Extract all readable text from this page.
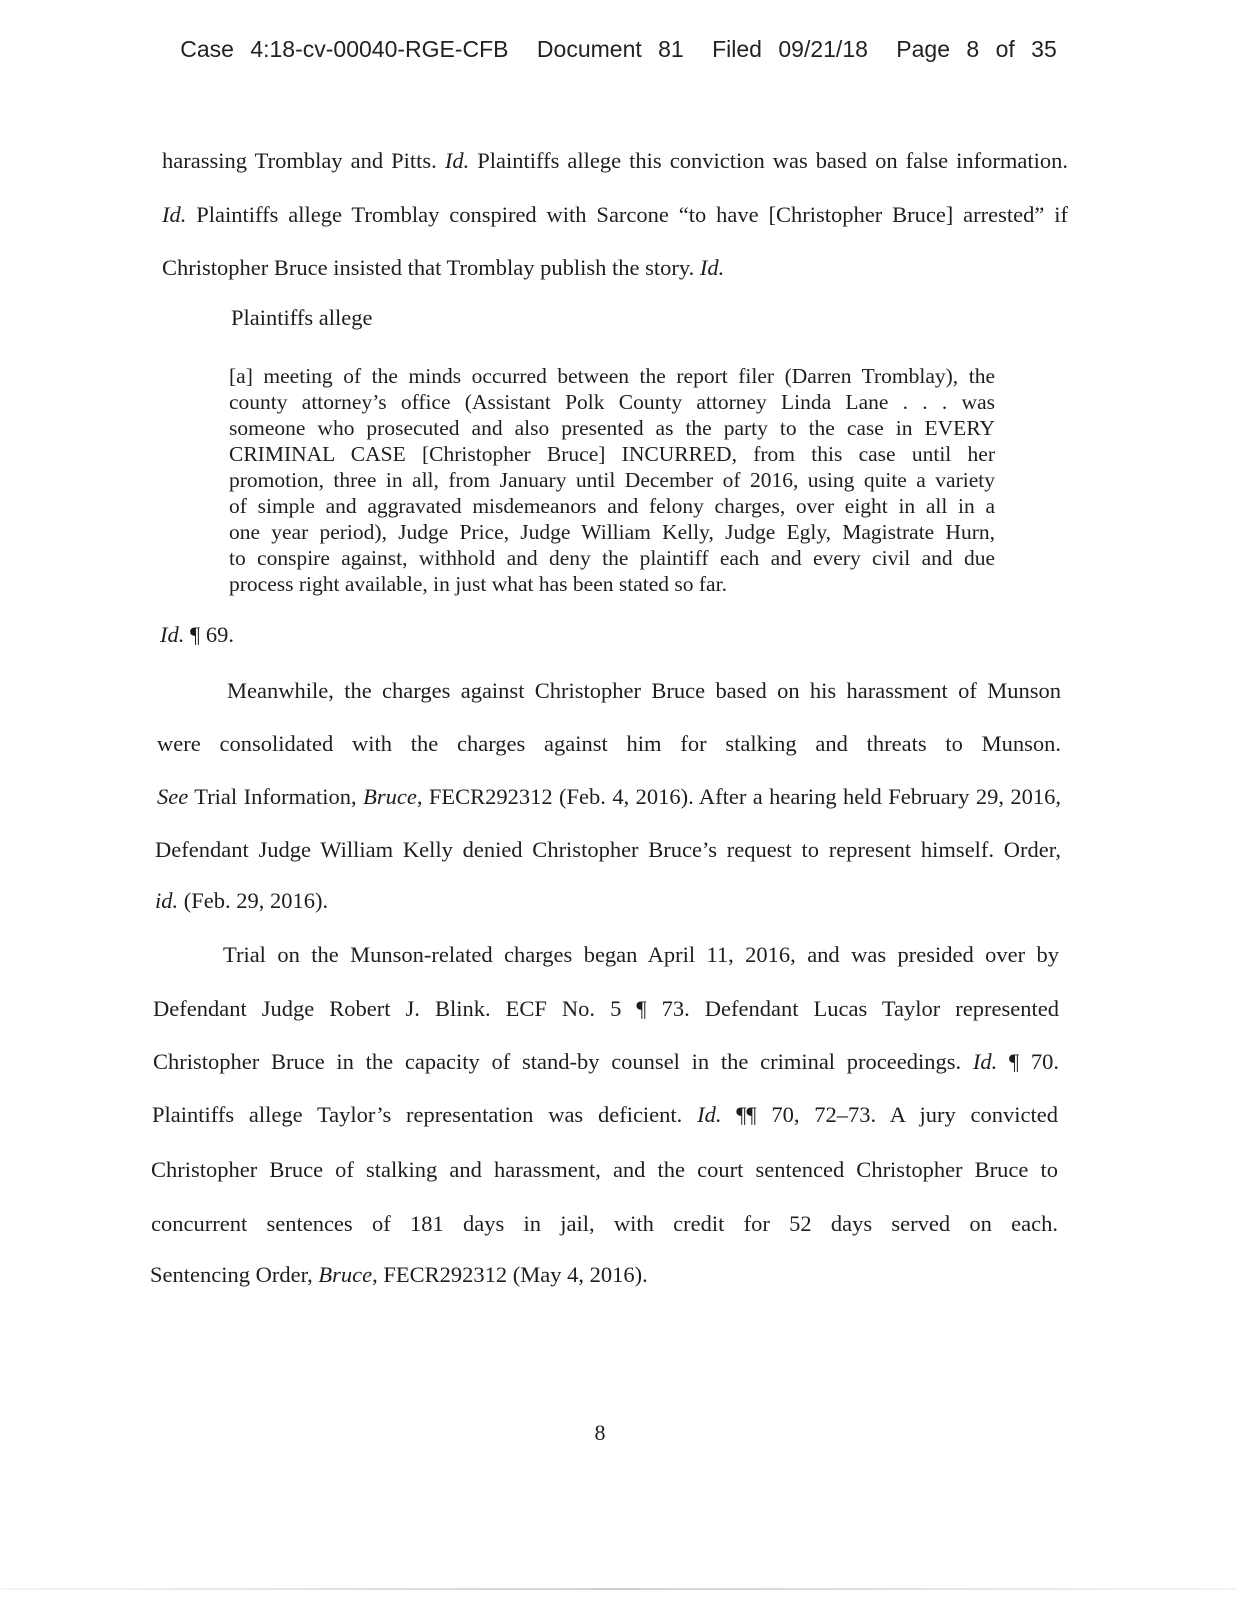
Case 4:18-cv-00040-RGE-CFB Document 81 Filed 09/21/18 Page 8 of 35
harassing Tromblay and Pitts. Id. Plaintiffs allege this conviction was based on false information.
Id. Plaintiffs allege Tromblay conspired with Sarcone “to have [Christopher Bruce] arrested” if
Christopher Bruce insisted that Tromblay publish the story. Id.
Plaintiffs allege
[a] meeting of the minds occurred between the report filer (Darren Tromblay), the
county attorney’s office (Assistant Polk County attorney Linda Lane . . . was
someone who prosecuted and also presented as the party to the case in EVERY
CRIMINAL CASE [Christopher Bruce] INCURRED, from this case until her
promotion, three in all, from January until December of 2016, using quite a variety
of simple and aggravated misdemeanors and felony charges, over eight in all in a
one year period), Judge Price, Judge William Kelly, Judge Egly, Magistrate Hurn,
to conspire against, withhold and deny the plaintiff each and every civil and due
process right available, in just what has been stated so far.
Id. ¶ 69.
Meanwhile, the charges against Christopher Bruce based on his harassment of Munson
were consolidated with the charges against him for stalking and threats to Munson.
See Trial Information, Bruce, FECR292312 (Feb. 4, 2016). After a hearing held February 29, 2016,
Defendant Judge William Kelly denied Christopher Bruce’s request to represent himself. Order,
id. (Feb. 29, 2016).
Trial on the Munson-related charges began April 11, 2016, and was presided over by
Defendant Judge Robert J. Blink. ECF No. 5 ¶ 73. Defendant Lucas Taylor represented
Christopher Bruce in the capacity of stand-by counsel in the criminal proceedings. Id. ¶ 70.
Plaintiffs allege Taylor’s representation was deficient. Id. ¶¶ 70, 72–73. A jury convicted
Christopher Bruce of stalking and harassment, and the court sentenced Christopher Bruce to
concurrent sentences of 181 days in jail, with credit for 52 days served on each.
Sentencing Order, Bruce, FECR292312 (May 4, 2016).
8
